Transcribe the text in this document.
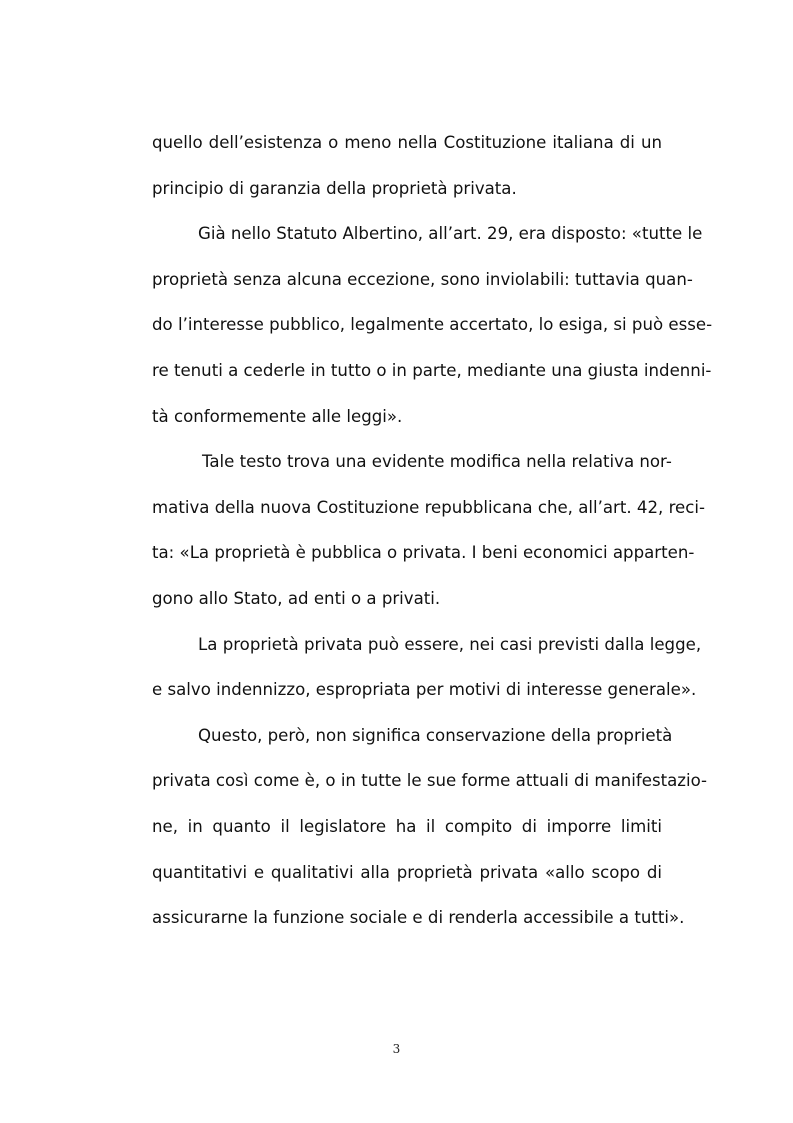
quello dell’esistenza o meno nella Costituzione italiana di un
principio di garanzia della proprietà privata.
Già nello Statuto Albertino, all’art. 29, era disposto: «tutte le
proprietà senza alcuna eccezione, sono inviolabili: tuttavia quan-
do l’interesse pubblico, legalmente accertato, lo esiga, si può esse-
re tenuti a cederle in tutto o in parte, mediante una giusta indenni-
tà conformemente alle leggi».
Tale testo trova una evidente modifica nella relativa nor-
mativa della nuova Costituzione repubblicana che, all’art. 42, reci-
ta: «La proprietà è pubblica o privata. I beni economici apparten-
gono allo Stato, ad enti o a privati.
La proprietà privata può essere, nei casi previsti dalla legge,
e salvo indennizzo, espropriata per motivi di interesse generale».
Questo, però, non significa conservazione della proprietà
privata così come è, o in tutte le sue forme attuali di manifestazio-
ne, in quanto il legislatore ha il compito di imporre limiti
quantitativi e qualitativi alla proprietà privata «allo scopo di
assicurarne la funzione sociale e di renderla accessibile a tutti».
3
